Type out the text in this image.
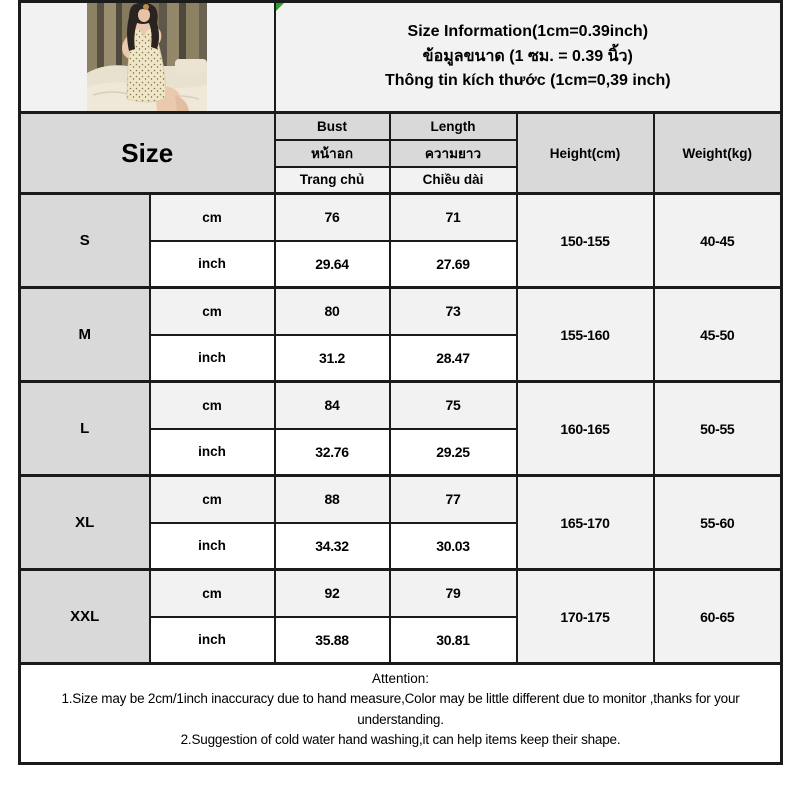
Size Information(1cm=0.39inch)
ข้อมูลขนาด (1 ซม. = 0.39 นิ้ว)
Thông tin kích thước (1cm=0,39 inch)			

Size		Bust	Length	Height(cm)	Weight(kg)
		หน้าอก	ความยาว		
		Trang chủ	Chiều dài		
S	cm	76	71	150-155	40-45
	inch	29.64	27.69		
M	cm	80	73	155-160	45-50
	inch	31.2	28.47		
L	cm	84	75	160-165	50-55
	inch	32.76	29.25		
XL	cm	88	77	165-170	55-60
	inch	34.32	30.03		
XXL	cm	92	79	170-175	60-65
	inch	35.88	30.81		

Attention:
1.Size may be 2cm/1inch inaccuracy due to hand measure,Color may be little different due to monitor ,thanks for your understanding.
2.Suggestion of cold water hand washing,it can help items keep their shape.					
